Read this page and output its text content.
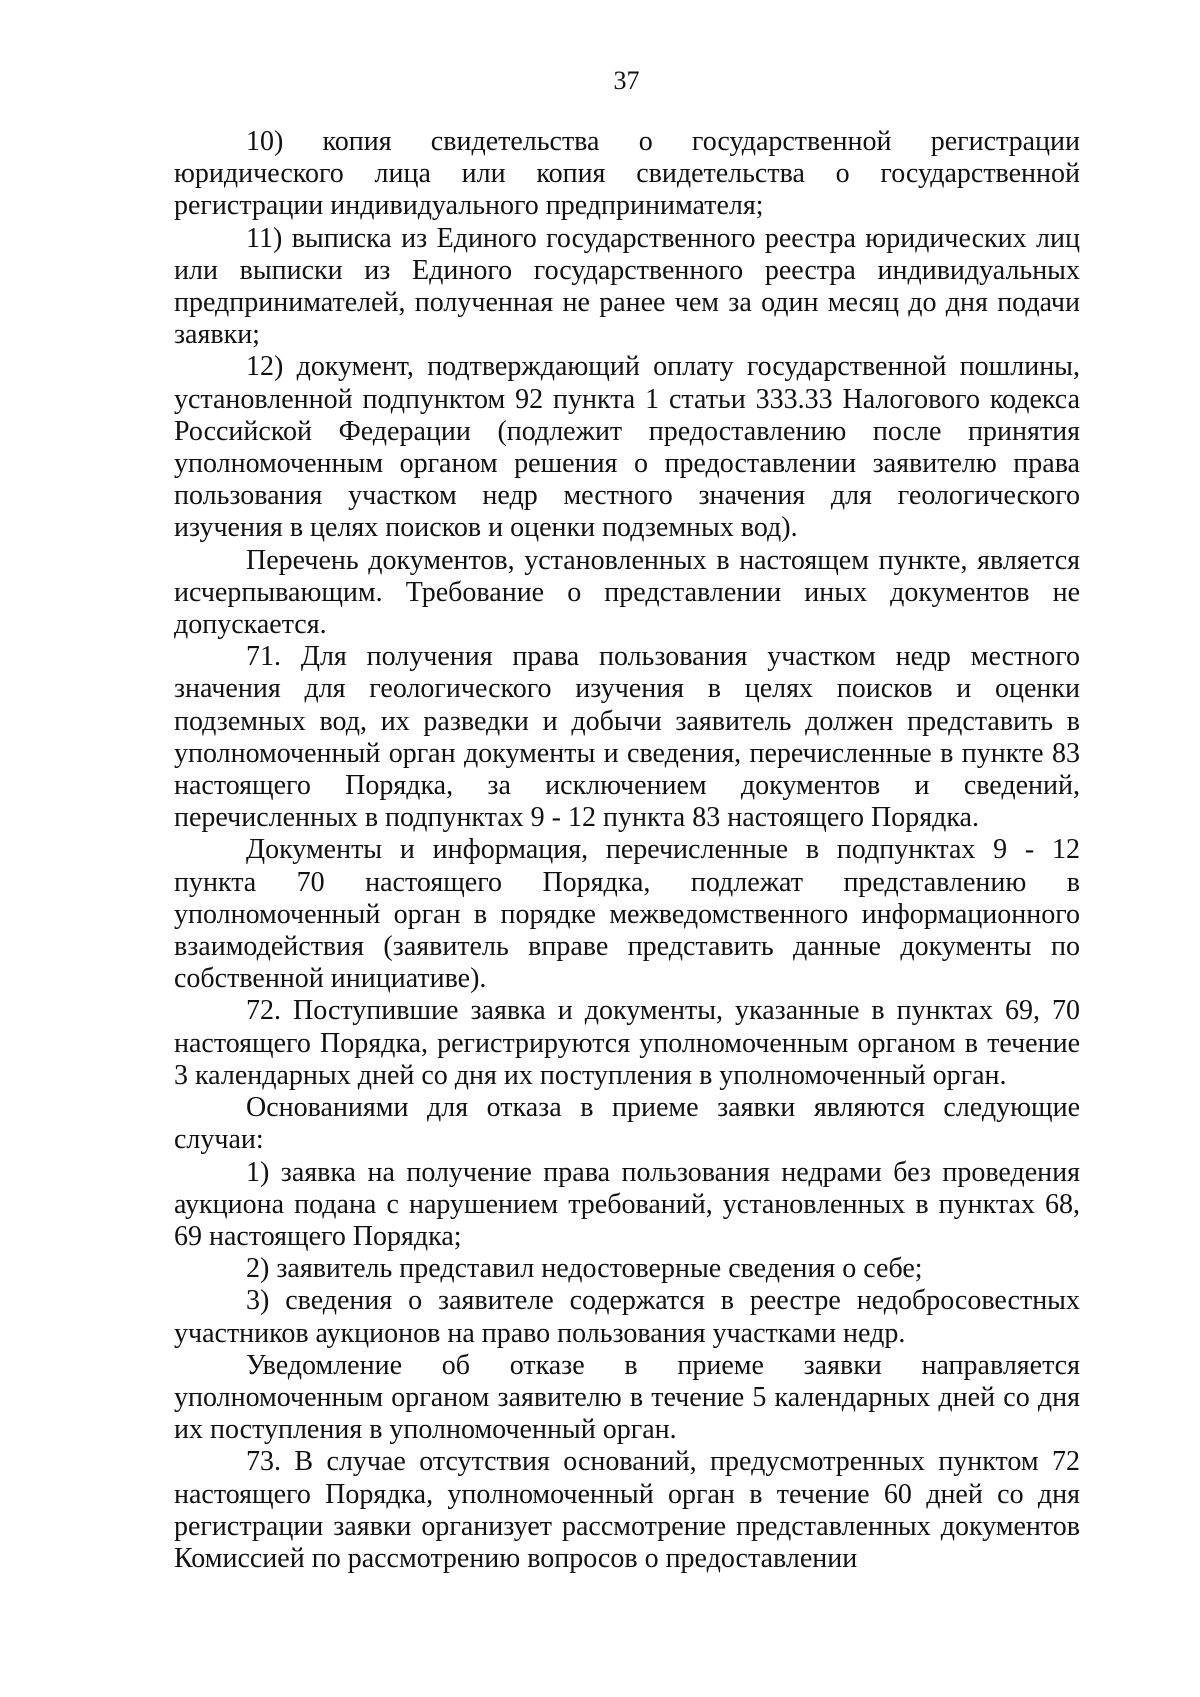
37

10) копия свидетельства о государственной регистрации юридического лица или копия свидетельства о государственной регистрации индивидуального предпринимателя;

11) выписка из Единого государственного реестра юридических лиц или выписки из Единого государственного реестра индивидуальных предпринимателей, полученная не ранее чем за один месяц до дня подачи заявки;

12) документ, подтверждающий оплату государственной пошлины, установленной подпунктом 92 пункта 1 статьи 333.33 Налогового кодекса Российской Федерации (подлежит предоставлению после принятия уполномоченным органом решения о предоставлении заявителю права пользования участком недр местного значения для геологического изучения в целях поисков и оценки подземных вод).

Перечень документов, установленных в настоящем пункте, является исчерпывающим. Требование о представлении иных документов не допускается.

71. Для получения права пользования участком недр местного значения для геологического изучения в целях поисков и оценки подземных вод, их разведки и добычи заявитель должен представить в уполномоченный орган документы и сведения, перечисленные в пункте 83 настоящего Порядка, за исключением документов и сведений, перечисленных в подпунктах 9 - 12 пункта 83 настоящего Порядка.

Документы и информация, перечисленные в подпунктах 9 - 12 пункта 70 настоящего Порядка, подлежат представлению в уполномоченный орган в порядке межведомственного информационного взаимодействия (заявитель вправе представить данные документы по собственной инициативе).

72. Поступившие заявка и документы, указанные в пунктах 69, 70 настоящего Порядка, регистрируются уполномоченным органом в течение 3 календарных дней со дня их поступления в уполномоченный орган.

Основаниями для отказа в приеме заявки являются следующие случаи:

1) заявка на получение права пользования недрами без проведения аукциона подана с нарушением требований, установленных в пунктах 68, 69 настоящего Порядка;

2) заявитель представил недостоверные сведения о себе;

3) сведения о заявителе содержатся в реестре недобросовестных участников аукционов на право пользования участками недр.

Уведомление об отказе в приеме заявки направляется уполномоченным органом заявителю в течение 5 календарных дней со дня их поступления в уполномоченный орган.

73. В случае отсутствия оснований, предусмотренных пунктом 72 настоящего Порядка, уполномоченный орган в течение 60 дней со дня регистрации заявки организует рассмотрение представленных документов Комиссией по рассмотрению вопросов о предоставлении
